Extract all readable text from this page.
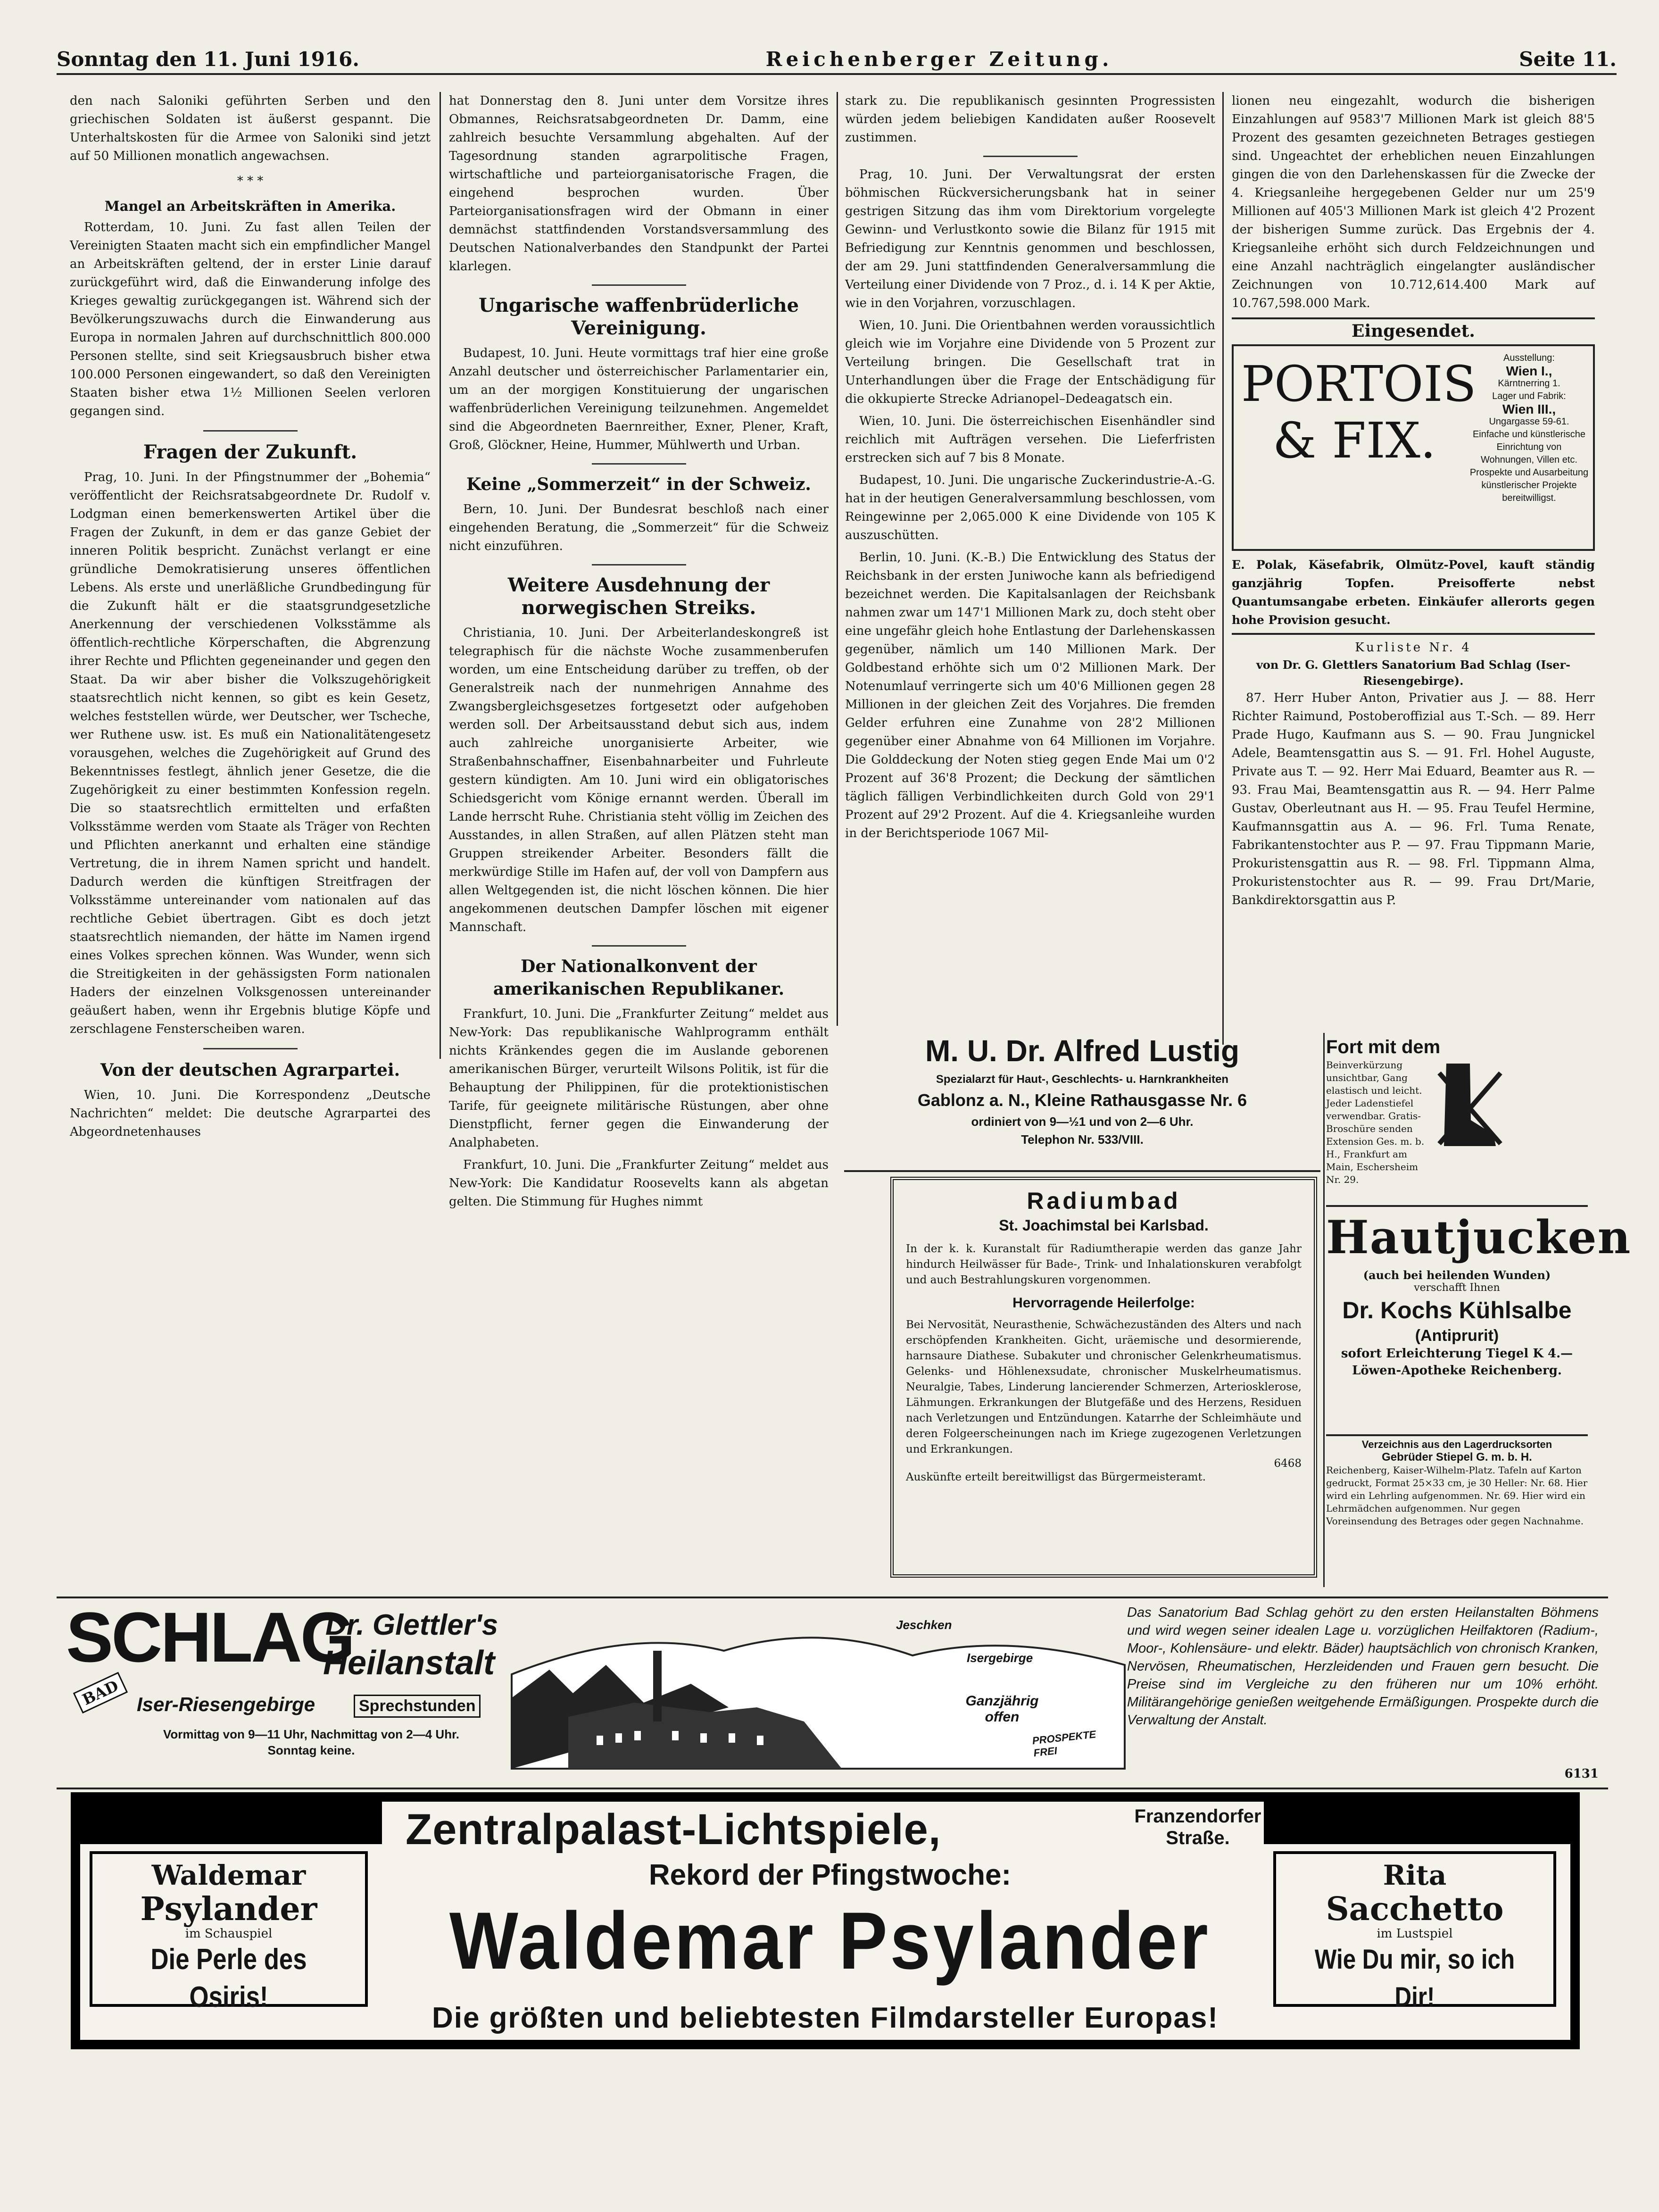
Sonntag den 11. Juni 1916.	Reichenberger Zeitung.	Seite 11.

den nach Saloniki geführten Serben und den griechischen Soldaten ist äußerst gespannt. Die Unterhaltskosten für die Armee von Saloniki sind jetzt auf 50 Millionen monatlich angewachsen.

* * *
Mangel an Arbeitskräften in Amerika.

Rotterdam, 10. Juni. Zu fast allen Teilen der Vereinigten Staaten macht sich ein empfindlicher Mangel an Arbeitskräften geltend, der in erster Linie darauf zurückgeführt wird, daß die Einwanderung infolge des Krieges gewaltig zurückgegangen ist. Während sich der Bevölkerungszuwachs durch die Einwanderung aus Europa in normalen Jahren auf durchschnittlich 800.000 Personen stellte, sind seit Kriegsausbruch bisher etwa 100.000 Personen eingewandert, so daß den Vereinigten Staaten bisher etwa 1½ Millionen Seelen verloren gegangen sind.

Fragen der Zukunft.

Prag, 10. Juni. In der Pfingstnummer der „Bohemia“ veröffentlicht der Reichsratsabgeordnete Dr. Rudolf v. Lodgman einen bemerkenswerten Artikel über die Fragen der Zukunft, in dem er das ganze Gebiet der inneren Politik bespricht. Zunächst verlangt er eine gründliche Demokratisierung unseres öffentlichen Lebens. Als erste und unerläßliche Grundbedingung für die Zukunft hält er die staatsgrundgesetzliche Anerkennung der verschiedenen Volksstämme als öffentlich-rechtliche Körperschaften, die Abgrenzung ihrer Rechte und Pflichten gegeneinander und gegen den Staat. Da wir aber bisher die Volkszugehörigkeit staatsrechtlich nicht kennen, so gibt es kein Gesetz, welches feststellen würde, wer Deutscher, wer Tscheche, wer Ruthene usw. ist. Es muß ein Nationalitätengesetz vorausgehen, welches die Zugehörigkeit auf Grund des Bekenntnisses festlegt, ähnlich jener Gesetze, die die Zugehörigkeit zu einer bestimmten Konfession regeln. Die so staatsrechtlich ermittelten und erfaßten Volksstämme werden vom Staate als Träger von Rechten und Pflichten anerkannt und erhalten eine ständige Vertretung, die in ihrem Namen spricht und handelt. Dadurch werden die künftigen Streitfragen der Volksstämme untereinander vom nationalen auf das rechtliche Gebiet übertragen. Gibt es doch jetzt staatsrechtlich niemanden, der hätte im Namen irgend eines Volkes sprechen können. Was Wunder, wenn sich die Streitigkeiten in der gehässigsten Form nationalen Haders der einzelnen Volksgenossen untereinander geäußert haben, wenn ihr Ergebnis blutige Köpfe und zerschlagene Fensterscheiben waren.

Von der deutschen Agrarpartei.

Wien, 10. Juni. Die Korrespondenz „Deutsche Nachrichten“ meldet: Die deutsche Agrarpartei des Abgeordnetenhauses

hat Donnerstag den 8. Juni unter dem Vorsitze ihres Obmannes, Reichsratsabgeordneten Dr. Damm, eine zahlreich besuchte Versammlung abgehalten. Auf der Tagesordnung standen agrarpolitische Fragen, wirtschaftliche und parteiorganisatorische Fragen, die eingehend besprochen wurden. Über Parteiorganisationsfragen wird der Obmann in einer demnächst stattfindenden Vorstandsversammlung des Deutschen Nationalverbandes den Standpunkt der Partei klarlegen.

Ungarische waffenbrüderliche Vereinigung.

Budapest, 10. Juni. Heute vormittags traf hier eine große Anzahl deutscher und österreichischer Parlamentarier ein, um an der morgigen Konstituierung der ungarischen waffenbrüderlichen Vereinigung teilzunehmen. Angemeldet sind die Abgeordneten Baernreither, Exner, Plener, Kraft, Groß, Glöckner, Heine, Hummer, Mühlwerth und Urban.

Keine „Sommerzeit“ in der Schweiz.

Bern, 10. Juni. Der Bundesrat beschloß nach einer eingehenden Beratung, die „Sommerzeit“ für die Schweiz nicht einzuführen.

Weitere Ausdehnung der norwegischen Streiks.

Christiania, 10. Juni. Der Arbeiterlandeskongreß ist telegraphisch für die nächste Woche zusammenberufen worden, um eine Entscheidung darüber zu treffen, ob der Generalstreik nach der nunmehrigen Annahme des Zwangsbergleichsgesetzes fortgesetzt oder aufgehoben werden soll. Der Arbeitsausstand debut sich aus, indem auch zahlreiche unorganisierte Arbeiter, wie Straßenbahnschaffner, Eisenbahnarbeiter und Fuhrleute gestern kündigten. Am 10. Juni wird ein obligatorisches Schiedsgericht vom Könige ernannt werden. Überall im Lande herrscht Ruhe. Christiania steht völlig im Zeichen des Ausstandes, in allen Straßen, auf allen Plätzen steht man Gruppen streikender Arbeiter. Besonders fällt die merkwürdige Stille im Hafen auf, der voll von Dampfern aus allen Weltgegenden ist, die nicht löschen können. Die hier angekommenen deutschen Dampfer löschen mit eigener Mannschaft.

Der Nationalkonvent der amerikanischen Republikaner.

Frankfurt, 10. Juni. Die „Frankfurter Zeitung“ meldet aus New-York: Das republikanische Wahlprogramm enthält nichts Kränkendes gegen die im Auslande geborenen amerikanischen Bürger, verurteilt Wilsons Politik, ist für die Behauptung der Philippinen, für die protektionistischen Tarife, für geeignete militärische Rüstungen, aber ohne Dienstpflicht, ferner gegen die Einwanderung der Analphabeten.

Frankfurt, 10. Juni. Die „Frankfurter Zeitung“ meldet aus New-York: Die Kandidatur Roosevelts kann als abgetan gelten. Die Stimmung für Hughes nimmt

stark zu. Die republikanisch gesinnten Progressisten würden jedem beliebigen Kandidaten außer Roosevelt zustimmen.

Prag, 10. Juni. Der Verwaltungsrat der ersten böhmischen Rückversicherungsbank hat in seiner gestrigen Sitzung das ihm vom Direktorium vorgelegte Gewinn- und Verlustkonto sowie die Bilanz für 1915 mit Befriedigung zur Kenntnis genommen und beschlossen, der am 29. Juni stattfindenden Generalversammlung die Verteilung einer Dividende von 7 Proz., d. i. 14 K per Aktie, wie in den Vorjahren, vorzuschlagen.

Wien, 10. Juni. Die Orientbahnen werden voraussichtlich gleich wie im Vorjahre eine Dividende von 5 Prozent zur Verteilung bringen. Die Gesellschaft trat in Unterhandlungen über die Frage der Entschädigung für die okkupierte Strecke Adrianopel–Dedeagatsch ein.

Wien, 10. Juni. Die österreichischen Eisenhändler sind reichlich mit Aufträgen versehen. Die Lieferfristen erstrecken sich auf 7 bis 8 Monate.

Budapest, 10. Juni. Die ungarische Zuckerindustrie-A.-G. hat in der heutigen Generalversammlung beschlossen, vom Reingewinne per 2,065.000 K eine Dividende von 105 K auszuschütten.

Berlin, 10. Juni. (K.-B.) Die Entwicklung des Status der Reichsbank in der ersten Juniwoche kann als befriedigend bezeichnet werden. Die Kapitalsanlagen der Reichsbank nahmen zwar um 147'1 Millionen Mark zu, doch steht ober eine ungefähr gleich hohe Entlastung der Darlehenskassen gegenüber, nämlich um 140 Millionen Mark. Der Goldbestand erhöhte sich um 0'2 Millionen Mark. Der Notenumlauf verringerte sich um 40'6 Millionen gegen 28 Millionen in der gleichen Zeit des Vorjahres. Die fremden Gelder erfuhren eine Zunahme von 28'2 Millionen gegenüber einer Abnahme von 64 Millionen im Vorjahre. Die Golddeckung der Noten stieg gegen Ende Mai um 0'2 Prozent auf 36'8 Prozent; die Deckung der sämtlichen täglich fälligen Verbindlichkeiten durch Gold von 29'1 Prozent auf 29'2 Prozent. Auf die 4. Kriegsanleihe wurden in der Berichtsperiode 1067 Mil-

lionen neu eingezahlt, wodurch die bisherigen Einzahlungen auf 9583'7 Millionen Mark ist gleich 88'5 Prozent des gesamten gezeichneten Betrages gestiegen sind. Ungeachtet der erheblichen neuen Einzahlungen gingen die von den Darlehenskassen für die Zwecke der 4. Kriegsanleihe hergegebenen Gelder nur um 25'9 Millionen auf 405'3 Millionen Mark ist gleich 4'2 Prozent der bisherigen Summe zurück. Das Ergebnis der 4. Kriegsanleihe erhöht sich durch Feldzeichnungen und eine Anzahl nachträglich eingelangter ausländischer Zeichnungen von 10.712,614.400 Mark auf 10.767,598.000 Mark.

Eingesendet.
PORTOIS
& FIX.
Ausstellung:
Wien I.,
Kärntnerring 1.
Lager und Fabrik:
Wien III.,
Ungargasse 59-61.
Einfache und künstlerische Einrichtung von Wohnungen, Villen etc.
Prospekte und Ausarbeitung künstlerischer Projekte bereitwilligst.

E. Polak, Käsefabrik, Olmütz-Povel, kauft ständig ganzjährig Topfen. Preisofferte nebst Quantumsangabe erbeten. Einkäufer allerorts gegen hohe Provision gesucht.

Kurliste Nr. 4
von Dr. G. Glettlers Sanatorium Bad Schlag (Iser-Riesengebirge).

87. Herr Huber Anton, Privatier aus J. — 88. Herr Richter Raimund, Postoberoffizial aus T.-Sch. — 89. Herr Prade Hugo, Kaufmann aus S. — 90. Frau Jungnickel Adele, Beamtensgattin aus S. — 91. Frl. Hohel Auguste, Private aus T. — 92. Herr Mai Eduard, Beamter aus R. — 93. Frau Mai, Beamtensgattin aus R. — 94. Herr Palme Gustav, Oberleutnant aus H. — 95. Frau Teufel Hermine, Kaufmannsgattin aus A. — 96. Frl. Tuma Renate, Fabrikantenstochter aus P. — 97. Frau Tippmann Marie, Prokuristensgattin aus R. — 98. Frl. Tippmann Alma, Prokuristenstochter aus R. — 99. Frau Drt/Marie, Bankdirektorsgattin aus P.

M. U. Dr. Alfred Lustig
Spezialarzt für Haut-, Geschlechts- u. Harnkrankheiten
Gablonz a. N., Kleine Rathausgasse Nr. 6
ordiniert von 9—½1 und von 2—6 Uhr.
Telephon Nr. 533/VIII.
Radiumbad
St. Joachimstal bei Karlsbad.

In der k. k. Kuranstalt für Radiumtherapie werden das ganze Jahr hindurch Heilwässer für Bade-, Trink- und Inhalationskuren verabfolgt und auch Bestrahlungskuren vorgenommen.

Hervorragende Heilerfolge:

Bei Nervosität, Neurasthenie, Schwächezuständen des Alters und nach erschöpfenden Krankheiten. Gicht, uräemische und desormierende, harnsaure Diathese. Subakuter und chronischer Gelenkrheumatismus. Gelenks- und Höhlenexsudate, chronischer Muskelrheumatismus. Neuralgie, Tabes, Linderung lancierender Schmerzen, Arteriosklerose, Lähmungen. Erkrankungen der Blutgefäße und des Herzens, Residuen nach Verletzungen und Entzündungen. Katarrhe der Schleimhäute und deren Folgeerscheinungen nach im Kriege zugezogenen Verletzungen und Erkrankungen.

6468
Auskünfte erteilt bereitwilligst das Bürgermeisteramt.
Fort mit dem
Beinverkürzung unsichtbar, Gang elastisch und leicht. Jeder Ladenstiefel verwendbar. Gratis-Broschüre senden Extension Ges. m. b. H., Frankfurt am Main, Eschersheim Nr. 29.
Hautjucken
(auch bei heilenden Wunden)
verschafft Ihnen
Dr. Kochs Kühlsalbe
(Antiprurit)
sofort Erleichterung Tiegel K 4.— Löwen-Apotheke Reichenberg.
Verzeichnis aus den Lagerdrucksorten
Gebrüder Stiepel G. m. b. H.
Reichenberg, Kaiser-Wilhelm-Platz. Tafeln auf Karton gedruckt, Format 25×33 cm, je 30 Heller: Nr. 68. Hier wird ein Lehrling aufgenommen. Nr. 69. Hier wird ein Lehrmädchen aufgenommen. Nur gegen Voreinsendung des Betrages oder gegen Nachnahme.
SCHLAG
BAD
Dr. Glettler's
Heilanstalt
Iser-Riesengebirge	Sprechstunden
Vormittag von 9—11 Uhr, Nachmittag von 2—4 Uhr. Sonntag keine.
Jeschken
Isergebirge
Ganzjährig offen
PROSPEKTE FREI
Das Sanatorium Bad Schlag gehört zu den ersten Heilanstalten Böhmens und wird wegen seiner idealen Lage u. vorzüglichen Heilfaktoren (Radium-, Moor-, Kohlensäure- und elektr. Bäder) hauptsächlich von chronisch Kranken, Nervösen, Rheumatischen, Herzleidenden und Frauen gern besucht. Die Preise sind im Vergleiche zu den früheren nur um 10% erhöht. Militärangehörige genießen weitgehende Ermäßigungen. Prospekte durch die Verwaltung der Anstalt.
6131
Zentralpalast-Lichtspiele,	Franzendorfer Straße.
Rekord der Pfingstwoche:
Waldemar Psylander
Waldemar
Psylander
im Schauspiel
Die Perle des Osiris!
Rita
Sacchetto
im Lustspiel
Wie Du mir, so ich Dir!
Die größten und beliebtesten Filmdarsteller Europas!
